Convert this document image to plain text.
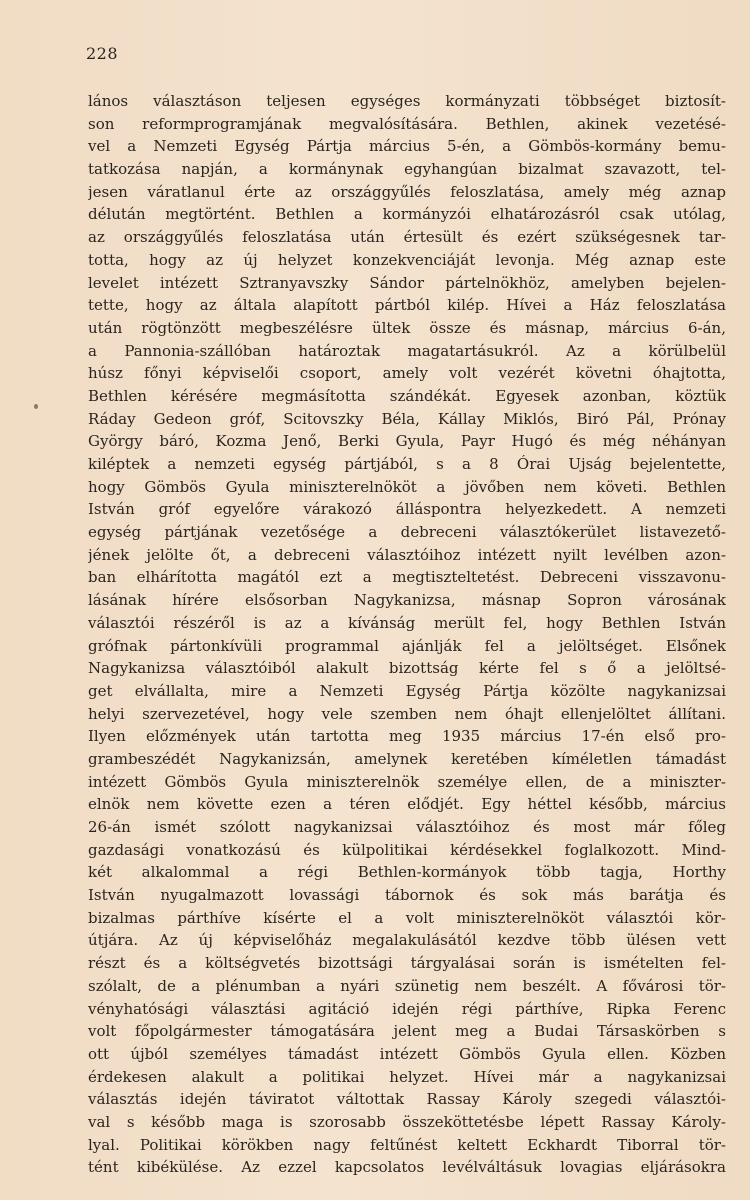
228
lános választáson teljesen egységes kormányzati többséget biztosít-
son reformprogramjának megvalósítására. Bethlen, akinek vezetésé-
vel a Nemzeti Egység Pártja március 5-én, a Gömbös-kormány bemu-
tatkozása napján, a kormánynak egyhangúan bizalmat szavazott, tel-
jesen váratlanul érte az országgyűlés feloszlatása, amely még aznap
délután megtörtént. Bethlen a kormányzói elhatározásról csak utólag,
az országgyűlés feloszlatása után értesült és ezért szükségesnek tar-
totta, hogy az új helyzet konzekvenciáját levonja. Még aznap este
levelet intézett Sztranyavszky Sándor pártelnökhöz, amelyben bejelen-
tette, hogy az általa alapított pártból kilép. Hívei a Ház feloszlatása
után rögtönzött megbeszélésre ültek össze és másnap, március 6-án,
a Pannonia-szállóban határoztak magatartásukról. Az a körülbelül
húsz főnyi képviselői csoport, amely volt vezérét követni óhajtotta,
Bethlen kérésére megmásította szándékát. Egyesek azonban, köztük
Ráday Gedeon gróf, Scitovszky Béla, Kállay Miklós, Biró Pál, Prónay
György báró, Kozma Jenő, Berki Gyula, Payr Hugó és még néhányan
kiléptek a nemzeti egység pártjából, s a 8 Órai Ujság bejelentette,
hogy Gömbös Gyula miniszterelnököt a jövőben nem követi. Bethlen
István gróf egyelőre várakozó álláspontra helyezkedett. A nemzeti
egység pártjának vezetősége a debreceni választókerület listavezető-
jének jelölte őt, a debreceni választóihoz intézett nyilt levélben azon-
ban elhárította magától ezt a megtiszteltetést. Debreceni visszavonu-
lásának hírére elsősorban Nagykanizsa, másnap Sopron városának
választói részéről is az a kívánság merült fel, hogy Bethlen István
grófnak pártonkívüli programmal ajánlják fel a jelöltséget. Elsőnek
Nagykanizsa választóiból alakult bizottság kérte fel s ő a jelöltsé-
get elvállalta, mire a Nemzeti Egység Pártja közölte nagykanizsai
helyi szervezetével, hogy vele szemben nem óhajt ellenjelöltet állítani.
Ilyen előzmények után tartotta meg 1935 március 17-én első pro-
grambeszédét Nagykanizsán, amelynek keretében kíméletlen támadást
intézett Gömbös Gyula miniszterelnök személye ellen, de a miniszter-
elnök nem követte ezen a téren elődjét. Egy héttel később, március
26-án ismét szólott nagykanizsai választóihoz és most már főleg
gazdasági vonatkozású és külpolitikai kérdésekkel foglalkozott. Mind-
két alkalommal a régi Bethlen-kormányok több tagja, Horthy
István nyugalmazott lovassági tábornok és sok más barátja és
bizalmas párthíve kísérte el a volt miniszterelnököt választói kör-
útjára. Az új képviselőház megalakulásától kezdve több ülésen vett
részt és a költségvetés bizottsági tárgyalásai során is ismételten fel-
szólalt, de a plénumban a nyári szünetig nem beszélt. A fővárosi tör-
vényhatósági választási agitáció idején régi párthíve, Ripka Ferenc
volt főpolgármester támogatására jelent meg a Budai Társaskörben s
ott újból személyes támadást intézett Gömbös Gyula ellen. Közben
érdekesen alakult a politikai helyzet. Hívei már a nagykanizsai
választás idején táviratot váltottak Rassay Károly szegedi választói-
val s később maga is szorosabb összeköttetésbe lépett Rassay Károly-
lyal. Politikai körökben nagy feltűnést keltett Eckhardt Tiborral tör-
tént kibékülése. Az ezzel kapcsolatos levélváltásuk lovagias eljárásokra
